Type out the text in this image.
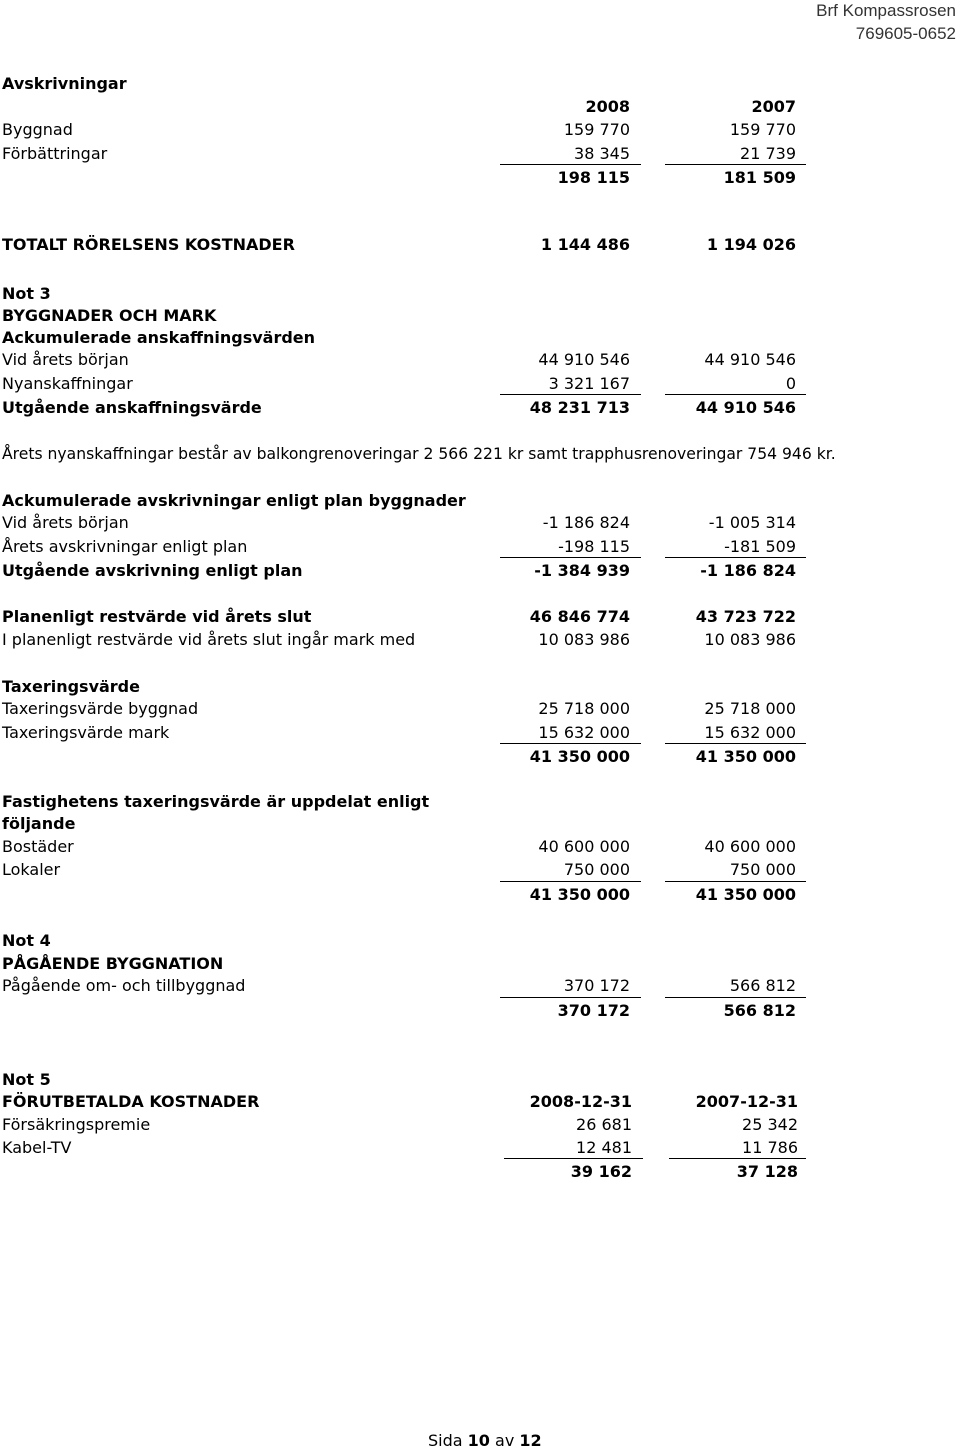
Brf Kompassrosen
769605-0652
Avskrivningar
2008	2007
Byggnad	159 770	159 770
Förbättringar	38 345	21 739
198 115	181 509
TOTALT RÖRELSENS KOSTNADER	1 144 486	1 194 026
Not 3
BYGGNADER OCH MARK
Ackumulerade anskaffningsvärden
Vid årets början	44 910 546	44 910 546
Nyanskaffningar	3 321 167	0
Utgående anskaffningsvärde	48 231 713	44 910 546
Årets nyanskaffningar består av balkongrenoveringar 2 566 221 kr samt trapphusrenoveringar 754 946 kr.
Ackumulerade avskrivningar enligt plan byggnader
Vid årets början	-1 186 824	-1 005 314
Årets avskrivningar enligt plan	-198 115	-181 509
Utgående avskrivning enligt plan	-1 384 939	-1 186 824
Planenligt restvärde vid årets slut	46 846 774	43 723 722
I planenligt restvärde vid årets slut ingår mark med	10 083 986	10 083 986
Taxeringsvärde
Taxeringsvärde byggnad	25 718 000	25 718 000
Taxeringsvärde mark	15 632 000	15 632 000
41 350 000	41 350 000
Fastighetens taxeringsvärde är uppdelat enligt
följande
Bostäder	40 600 000	40 600 000
Lokaler	750 000	750 000
41 350 000	41 350 000
Not 4
PÅGÅENDE BYGGNATION
Pågående om- och tillbyggnad	370 172	566 812
370 172	566 812
Not 5
FÖRUTBETALDA KOSTNADER	2008-12-31	2007-12-31
Försäkringspremie	26 681	25 342
Kabel-TV	12 481	11 786
39 162	37 128
Sida 10 av 12
